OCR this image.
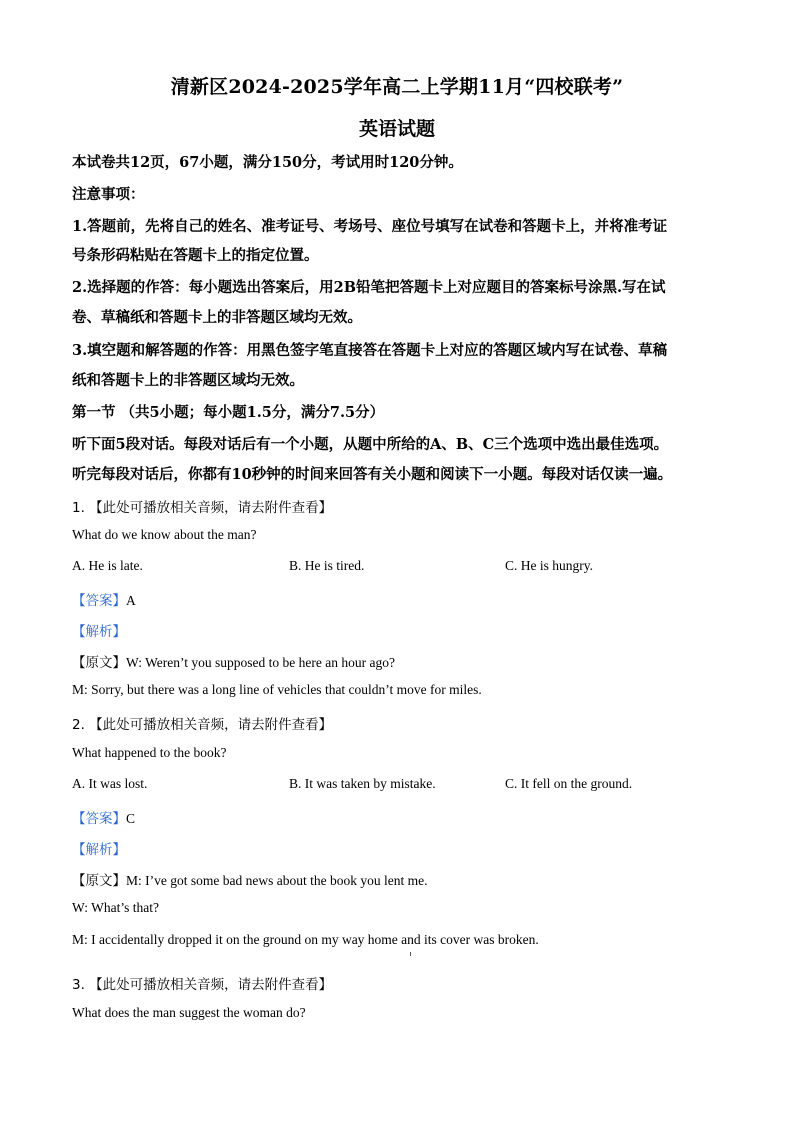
清新区2024-2025学年高二上学期11月“四校联考”
英语试题
本试卷共12页，67小题，满分150分，考试用时120分钟。
注意事项：
1.答题前，先将自己的姓名、准考证号、考场号、座位号填写在试卷和答题卡上，并将准考证
号条形码粘贴在答题卡上的指定位置。
2.选择题的作答：每小题选出答案后，用2B铅笔把答题卡上对应题目的答案标号涂黑.写在试
卷、草稿纸和答题卡上的非答题区域均无效。
3.填空题和解答题的作答：用黑色签字笔直接答在答题卡上对应的答题区域内写在试卷、草稿
纸和答题卡上的非答题区域均无效。
第一节 （共5小题；每小题1.5分，满分7.5分）
听下面5段对话。每段对话后有一个小题，从题中所给的A、B、C三个选项中选出最佳选项。
听完每段对话后，你都有10秒钟的时间来回答有关小题和阅读下一小题。每段对话仅读一遍。
1. 【此处可播放相关音频，请去附件查看】
What do we know about the man?
A. He is late.	B. He is tired.	C. He is hungry.
【答案】A
【解析】
【原文】W: Weren’t you supposed to be here an hour ago?
M: Sorry, but there was a long line of vehicles that couldn’t move for miles.
2. 【此处可播放相关音频，请去附件查看】
What happened to the book?
A. It was lost.	B. It was taken by mistake.	C. It fell on the ground.
【答案】C
【解析】
【原文】M: I’ve got some bad news about the book you lent me.
W: What’s that?
M: I accidentally dropped it on the ground on my way home and its cover was broken.
3. 【此处可播放相关音频，请去附件查看】
What does the man suggest the woman do?
